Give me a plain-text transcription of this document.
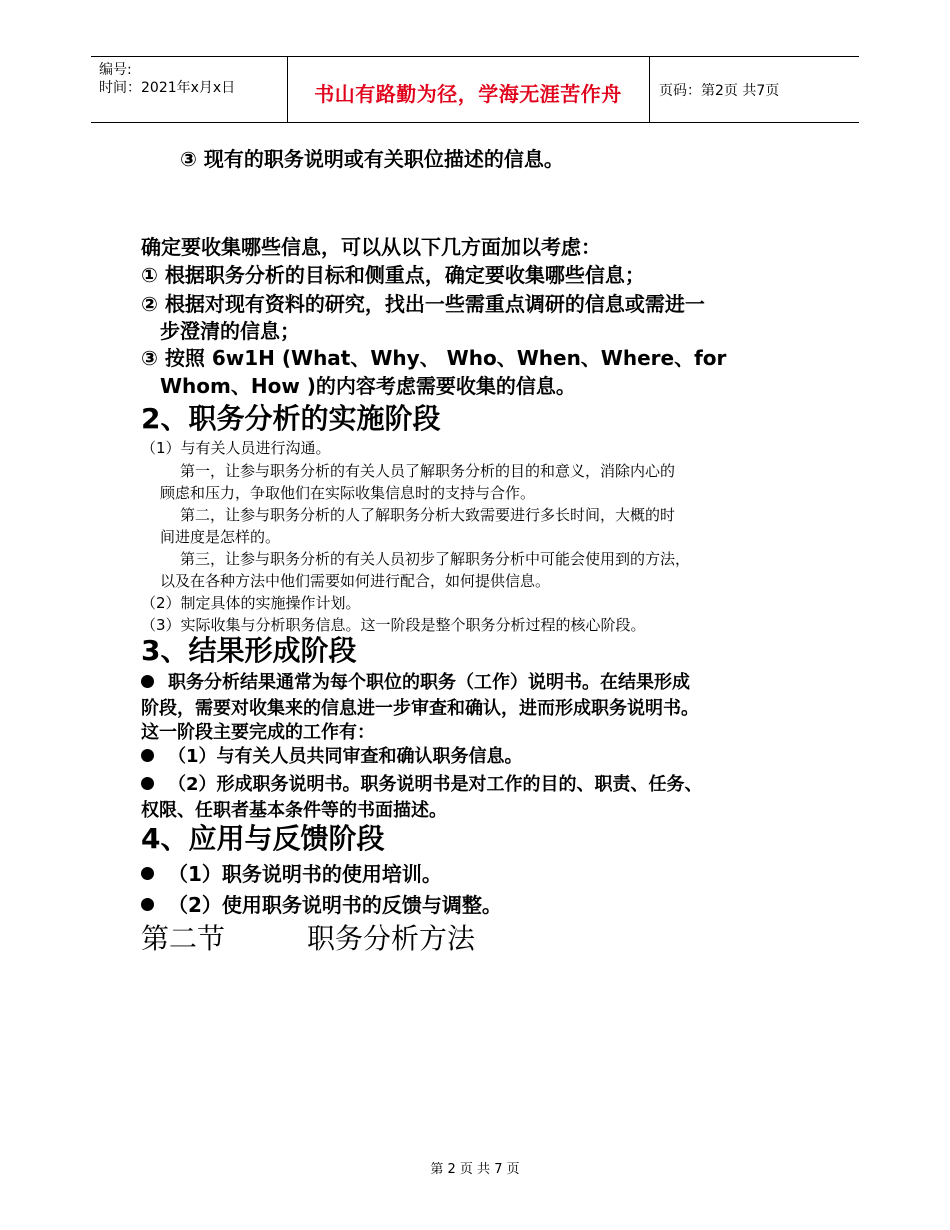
编号:
时间：2021年x月x日	书山有路勤为径，学海无涯苦作舟	页码：第2页 共7页
③ 现有的职务说明或有关职位描述的信息。
确定要收集哪些信息，可以从以下几方面加以考虑：
① 根据职务分析的目标和侧重点，确定要收集哪些信息；
② 根据对现有资料的研究，找出一些需重点调研的信息或需进一
步澄清的信息；
③ 按照 6w1H (What、Why、 Who、When、Where、for
Whom、How )的内容考虑需要收集的信息。
2、职务分析的实施阶段
（1）与有关人员进行沟通。
第一，让参与职务分析的有关人员了解职务分析的目的和意义，消除内心的
顾虑和压力，争取他们在实际收集信息时的支持与合作。
第二，让参与职务分析的人了解职务分析大致需要进行多长时间，大概的时
间进度是怎样的。
第三，让参与职务分析的有关人员初步了解职务分析中可能会使用到的方法，
以及在各种方法中他们需要如何进行配合，如何提供信息。
（2）制定具体的实施操作计划。
（3）实际收集与分析职务信息。这一阶段是整个职务分析过程的核心阶段。
3、结果形成阶段
职务分析结果通常为每个职位的职务（工作）说明书。在结果形成
阶段，需要对收集来的信息进一步审查和确认，进而形成职务说明书。
这一阶段主要完成的工作有：
（1）与有关人员共同审查和确认职务信息。
（2）形成职务说明书。职务说明书是对工作的目的、职责、任务、
权限、任职者基本条件等的书面描述。
4、应用与反馈阶段
（1）职务说明书的使用培训。
（2）使用职务说明书的反馈与调整。
第二节	职务分析方法
第 2 页 共 7 页
